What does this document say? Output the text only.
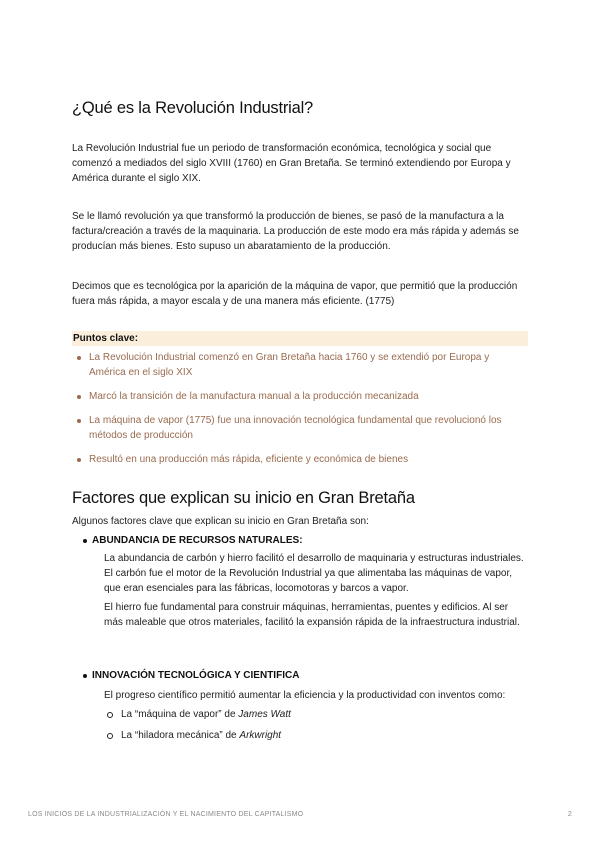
¿Qué es la Revolución Industrial?

La Revolución Industrial fue un periodo de transformación económica, tecnológica y social que comenzó a mediados del siglo XVIII (1760) en Gran Bretaña. Se terminó extendiendo por Europa y América durante el siglo XIX.

Se le llamó revolución ya que transformó la producción de bienes, se pasó de la manufactura a la factura/creación a través de la maquinaria. La producción de este modo era más rápida y además se producían más bienes. Esto supuso un abaratamiento de la producción.

Decimos que es tecnológica por la aparición de la máquina de vapor, que permitió que la producción fuera más rápida, a mayor escala y de una manera más eficiente. (1775)

Puntos clave:
La Revolución Industrial comenzó en Gran Bretaña hacia 1760 y se extendió por Europa y América en el siglo XIX
Marcó la transición de la manufactura manual a la producción mecanizada
La máquina de vapor (1775) fue una innovación tecnológica fundamental que revolucionó los métodos de producción
Resultó en una producción más rápida, eficiente y económica de bienes
Factores que explican su inicio en Gran Bretaña

Algunos factores clave que explican su inicio en Gran Bretaña son:

ABUNDANCIA DE RECURSOS NATURALES:

La abundancia de carbón y hierro facilitó el desarrollo de maquinaria y estructuras industriales. El carbón fue el motor de la Revolución Industrial ya que alimentaba las máquinas de vapor, que eran esenciales para las fábricas, locomotoras y barcos a vapor.

El hierro fue fundamental para construir máquinas, herramientas, puentes y edificios. Al ser más maleable que otros materiales, facilitó la expansión rápida de la infraestructura industrial.

INNOVACIÓN TECNOLÓGICA Y CIENTIFICA

El progreso científico permitió aumentar la eficiencia y la productividad con inventos como:

La “máquina de vapor” de James Watt
La “hiladora mecánica” de Arkwright
LOS INICIOS DE LA INDUSTRIALIZACIÓN Y EL NACIMIENTO DEL CAPITALISMO	2
